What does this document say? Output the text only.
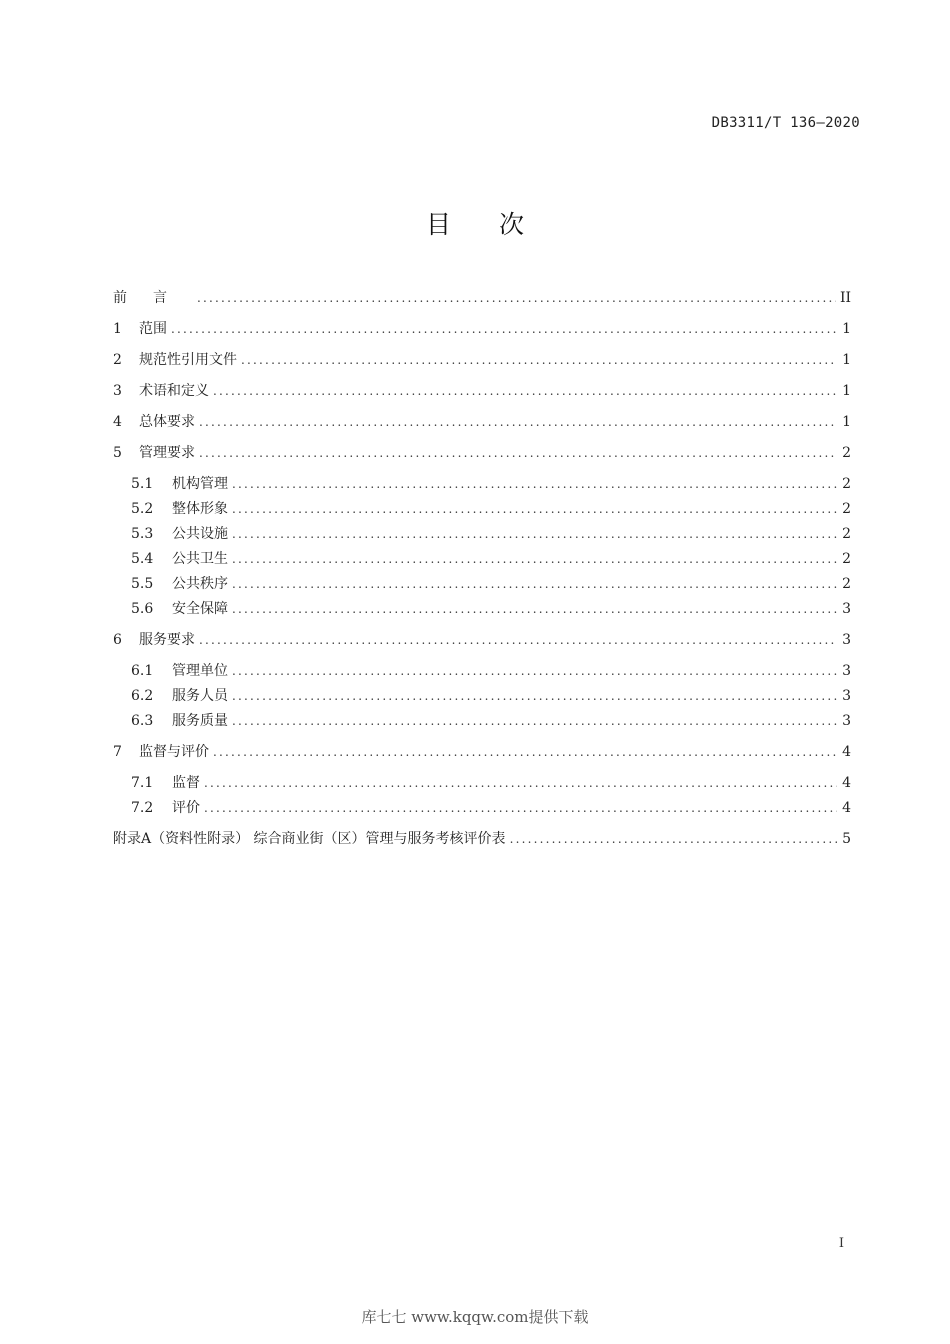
DB3311/T 136—2020
目次
前言 .....	II
1	范围 .....	1
2	规范性引用文件 .....	1
3	术语和定义 .....	1
4	总体要求 .....	1
5	管理要求 .....	2
5.1	机构管理 .....	2
5.2	整体形象 .....	2
5.3	公共设施 .....	2
5.4	公共卫生 .....	2
5.5	公共秩序 .....	2
5.6	安全保障 .....	3
6	服务要求 .....	3
6.1	管理单位 .....	3
6.2	服务人员 .....	3
6.3	服务质量 .....	3
7	监督与评价 .....	4
7.1	监督 .....	4
7.2	评价 .....	4
附录A（资料性附录） 综合商业街（区）管理与服务考核评价表 .....	5
I
库七七 www.kqqw.com提供下载
